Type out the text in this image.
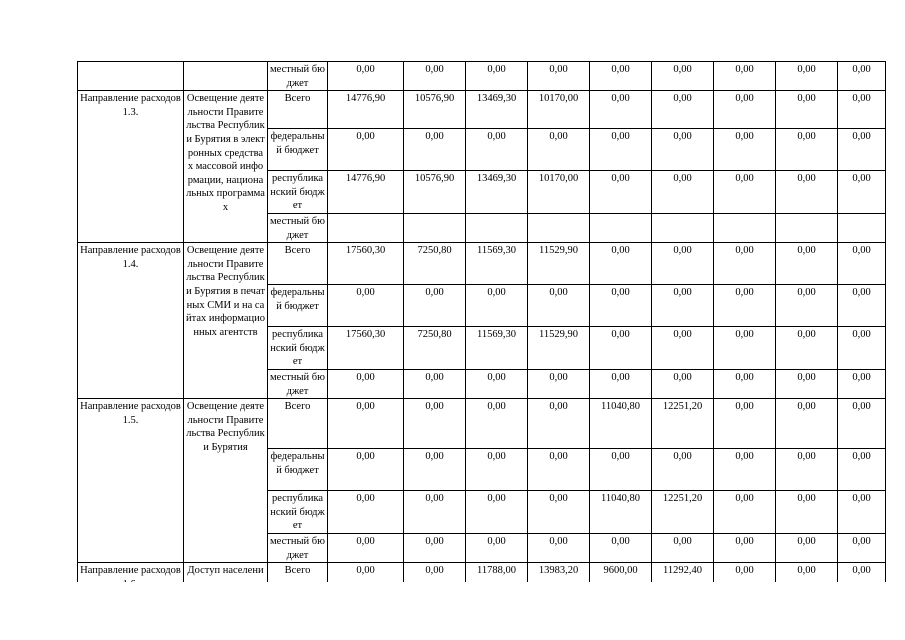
		местный бюджет	0,00	0,00	0,00	0,00	0,00	0,00	0,00	0,00	0,00
Направление расходов 1.3.	Освещение деятельности Правительства Республики Бурятия в электронных средствах массовой информации, национальных программах	Всего	14776,90	10576,90	13469,30	10170,00	0,00	0,00	0,00	0,00	0,00
		федеральный бюджет	0,00	0,00	0,00	0,00	0,00	0,00	0,00	0,00	0,00
		республиканский бюджет	14776,90	10576,90	13469,30	10170,00	0,00	0,00	0,00	0,00	0,00
		местный бюджет									
Направление расходов 1.4.	Освещение деятельности Правительства Республики Бурятия в печатных СМИ и на сайтах информационных агентств	Всего	17560,30	7250,80	11569,30	11529,90	0,00	0,00	0,00	0,00	0,00
		федеральный бюджет	0,00	0,00	0,00	0,00	0,00	0,00	0,00	0,00	0,00
		республиканский бюджет	17560,30	7250,80	11569,30	11529,90	0,00	0,00	0,00	0,00	0,00
		местный бюджет	0,00	0,00	0,00	0,00	0,00	0,00	0,00	0,00	0,00
Направление расходов 1.5.	Освещение деятельности Правительства Республики Бурятия	Всего	0,00	0,00	0,00	0,00	11040,80	12251,20	0,00	0,00	0,00
		федеральный бюджет	0,00	0,00	0,00	0,00	0,00	0,00	0,00	0,00	0,00
		республиканский бюджет	0,00	0,00	0,00	0,00	11040,80	12251,20	0,00	0,00	0,00
		местный бюджет	0,00	0,00	0,00	0,00	0,00	0,00	0,00	0,00	0,00
Направление расходов	Доступ населени	Всего	0,00	0,00	11788,00	13983,20	9600,00	11292,40	0,00	0,00	0,00
